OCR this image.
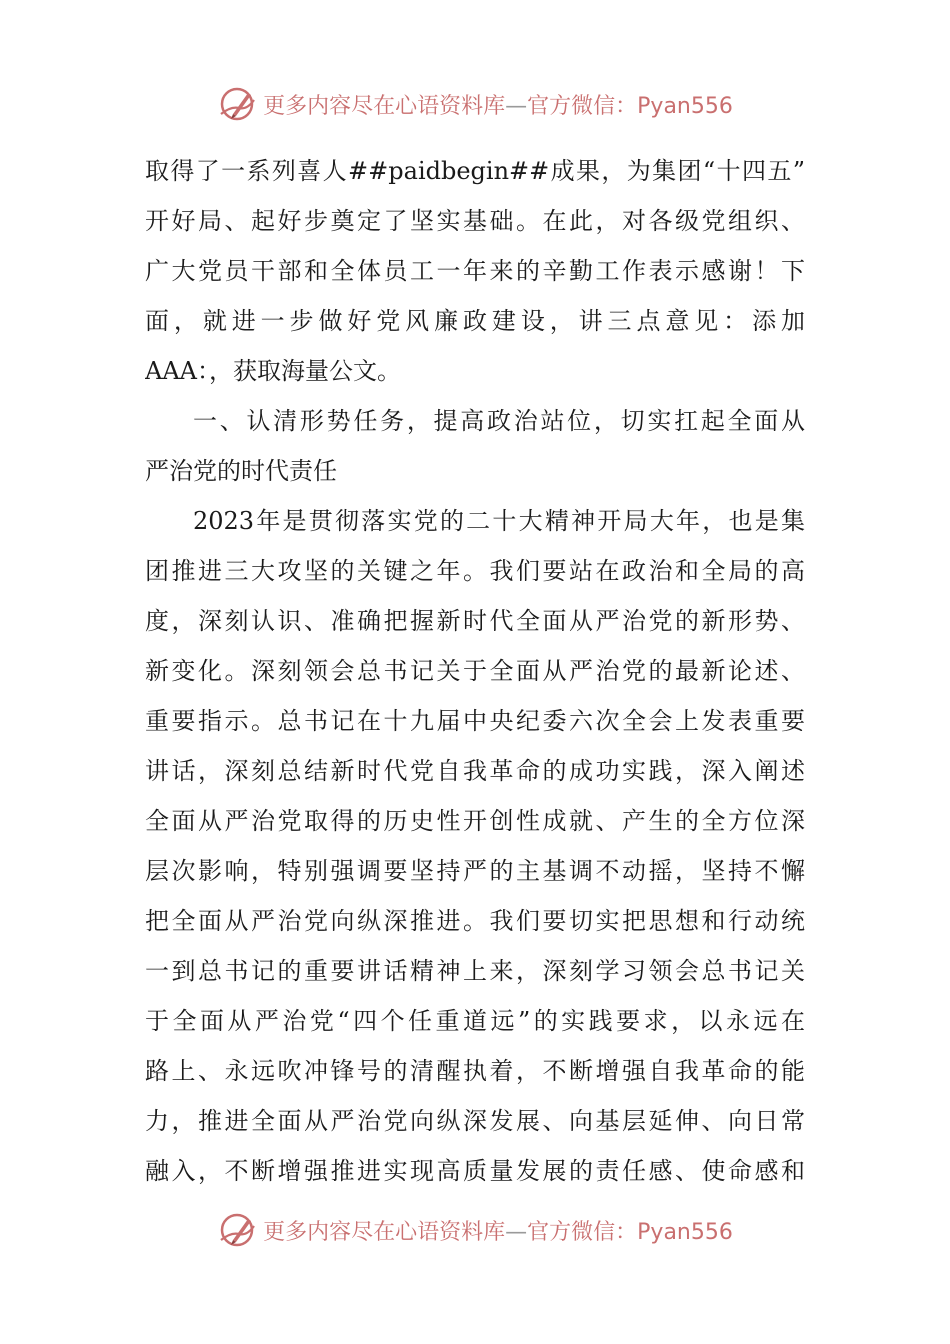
更多内容尽在心语资料库—官方微信：Pyan556
取得了一系列喜人##paidbegin##成果，为集团“十四五”
开好局、起好步奠定了坚实基础。在此，对各级党组织、
广大党员干部和全体员工一年来的辛勤工作表示感谢！下
面，就进一步做好党风廉政建设，讲三点意见：添加
AAA：，获取海量公文。
一、认清形势任务，提高政治站位，切实扛起全面从
严治党的时代责任
2023年是贯彻落实党的二十大精神开局大年，也是集
团推进三大攻坚的关键之年。我们要站在政治和全局的高
度，深刻认识、准确把握新时代全面从严治党的新形势、
新变化。深刻领会总书记关于全面从严治党的最新论述、
重要指示。总书记在十九届中央纪委六次全会上发表重要
讲话，深刻总结新时代党自我革命的成功实践，深入阐述
全面从严治党取得的历史性开创性成就、产生的全方位深
层次影响，特别强调要坚持严的主基调不动摇，坚持不懈
把全面从严治党向纵深推进。我们要切实把思想和行动统
一到总书记的重要讲话精神上来，深刻学习领会总书记关
于全面从严治党“四个任重道远”的实践要求，以永远在
路上、永远吹冲锋号的清醒执着，不断增强自我革命的能
力，推进全面从严治党向纵深发展、向基层延伸、向日常
融入，不断增强推进实现高质量发展的责任感、使命感和
更多内容尽在心语资料库—官方微信：Pyan556
